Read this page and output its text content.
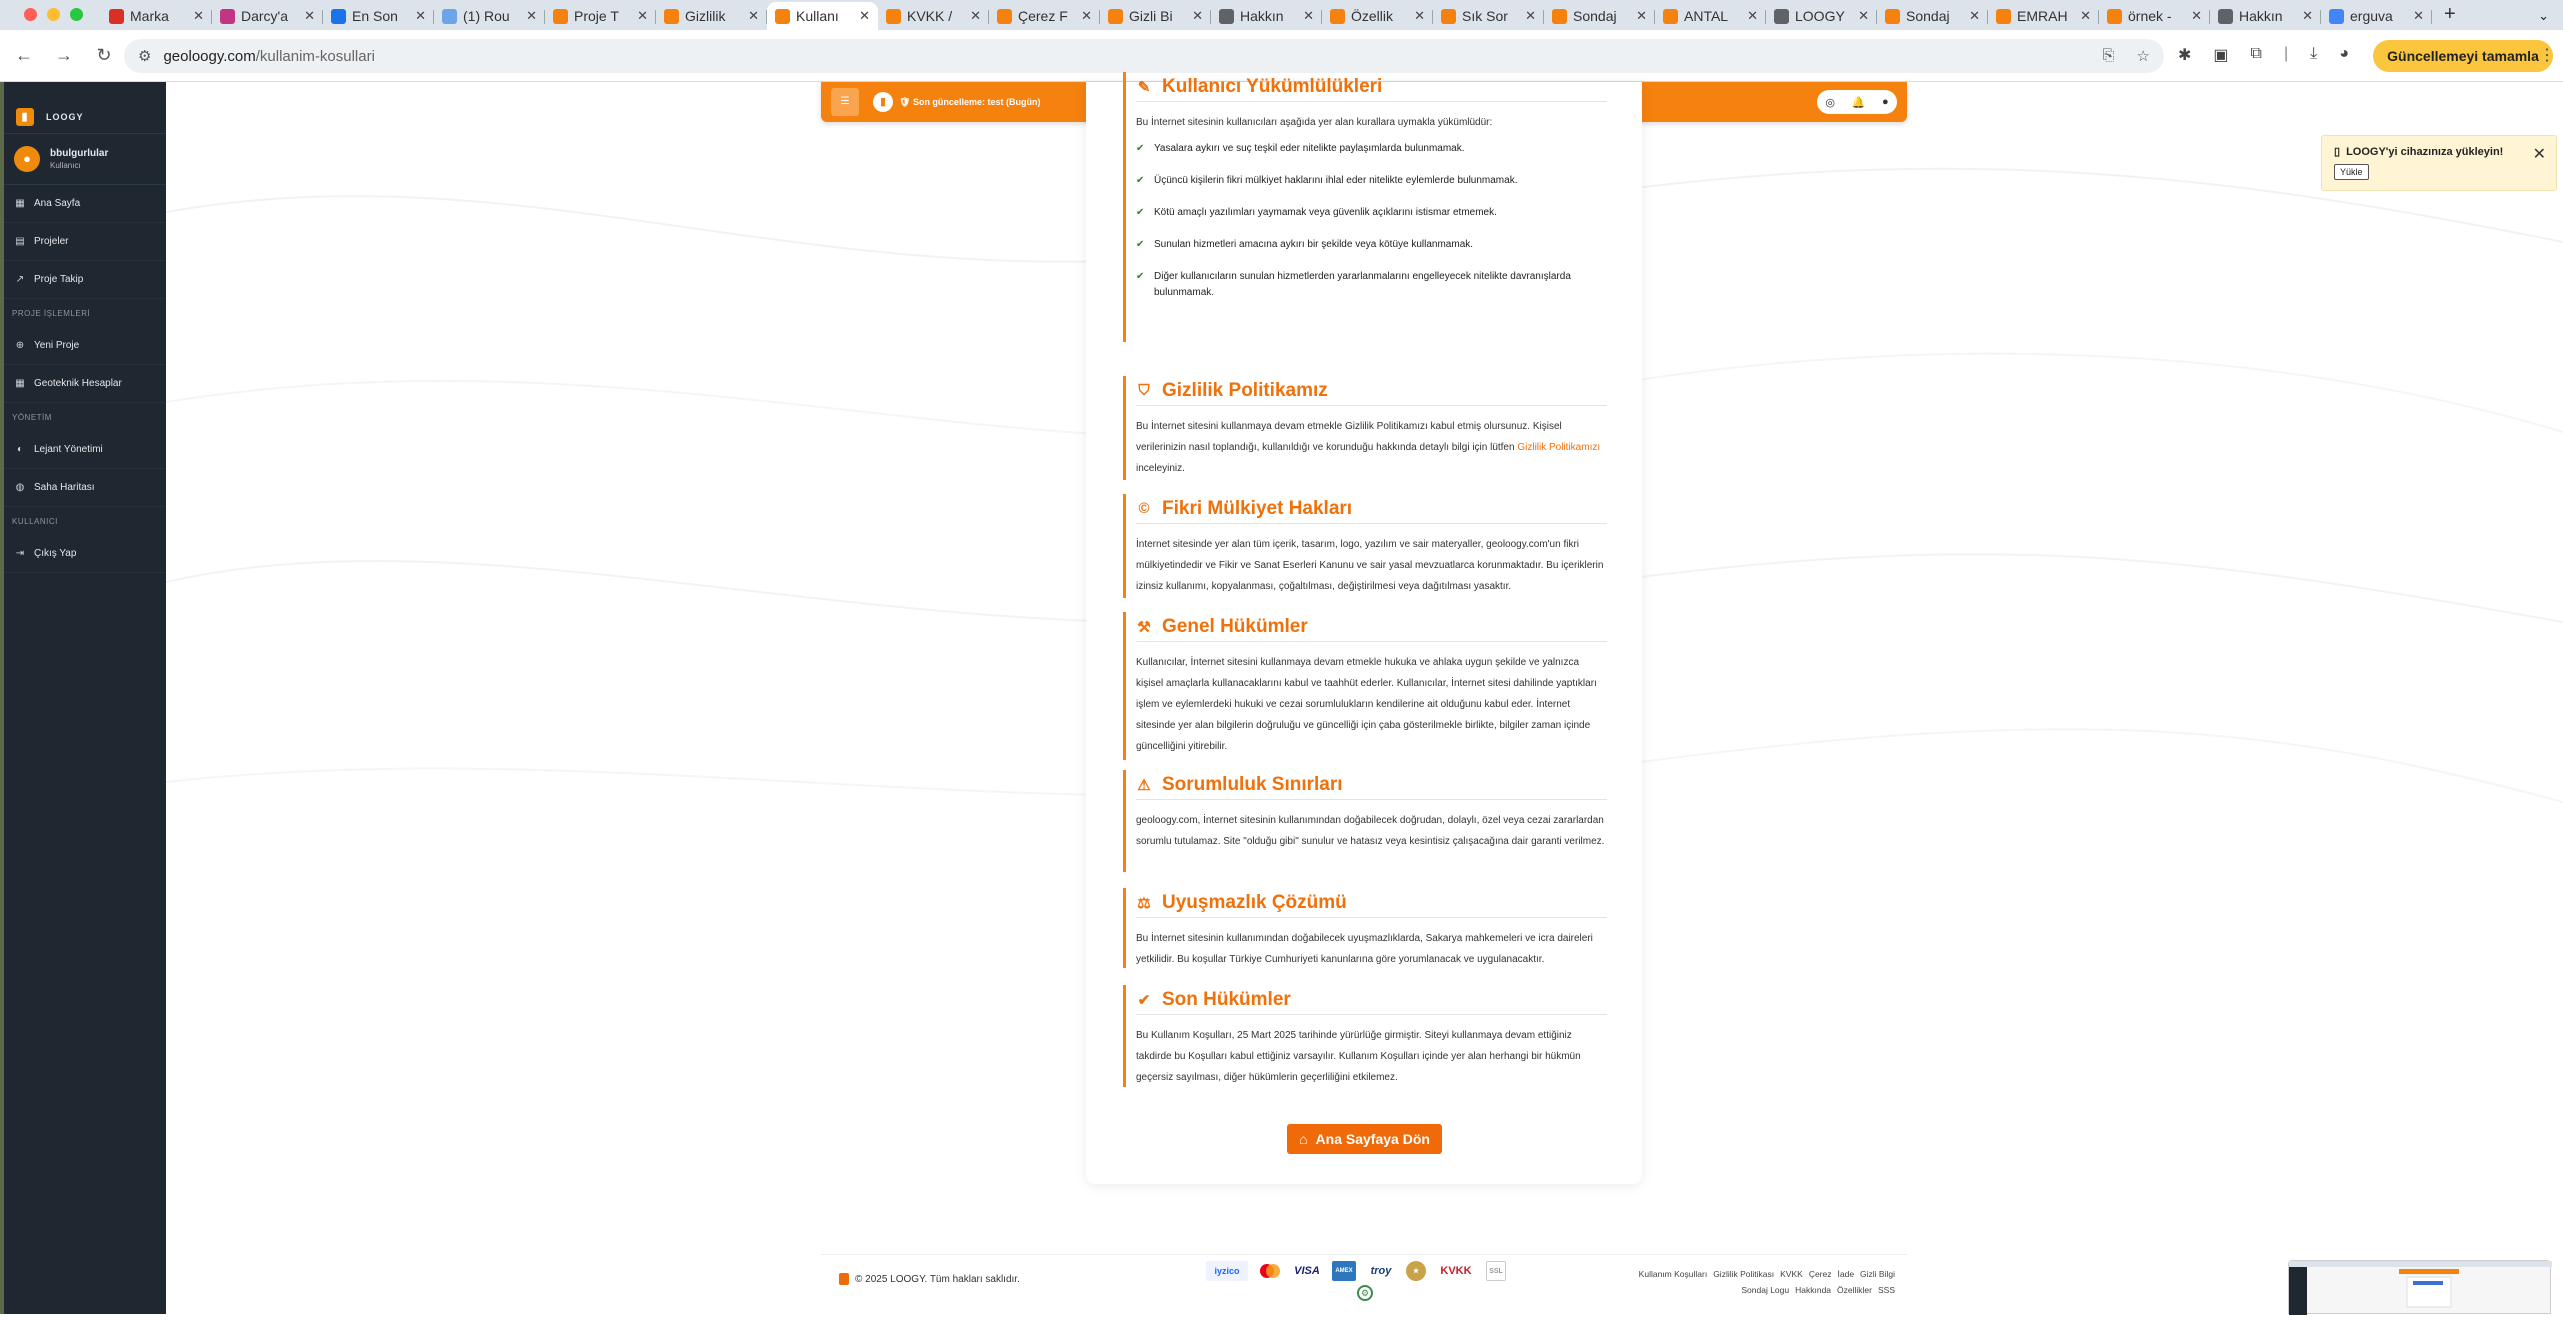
Marka	✕	Darcy'a	✕	En Son	✕	(1) Rou	✕	Proje T	✕	Gizlilik	✕	Kullanı	✕	KVKK /	✕	Çerez F	✕	Gizli Bi	✕	Hakkın	✕	Özellik	✕	Sık Sor	✕	Sondaj	✕	ANTAL	✕	LOOGY	✕	Sondaj	✕	EMRAH ✕	örnek -	✕	Hakkın	✕	erguva	✕	+	⌄
←	→	↻	⚙ geoloogy.com /kullanim-kosullari	⎘ ☆ ✱ ▣ ⧉ | ⤓ ◕	Güncellemeyi tamamla ⋮
▮	LOOGY
●	bbulgurlular
Kullanıcı
▦ Ana Sayfa
▤ Projeler
↗ Proje Takip
PROJE İŞLEMLERİ
⊕ Yeni Proje
▦ Geoteknik Hesaplar
YÖNETİM
◐ Lejant Yönetimi
◍ Saha Haritası
KULLANICI
⇥ Çıkış Yap
☰	▮	🛡 Son güncelleme: test (Bugün)	◎ 🔔 ●
✎ Kullanıcı Yükümlülükleri
Bu İnternet sitesinin kullanıcıları aşağıda yer alan kurallara uymakla yükümlüdür:
✔ Yasalara aykırı ve suç teşkil eder nitelikte paylaşımlarda bulunmamak.
✔ Üçüncü kişilerin fikri mülkiyet haklarını ihlal eder nitelikte eylemlerde bulunmamak.
✔ Kötü amaçlı yazılımları yaymamak veya güvenlik açıklarını istismar etmemek.
✔ Sunulan hizmetleri amacına aykırı bir şekilde veya kötüye kullanmamak.
✔ Diğer kullanıcıların sunulan hizmetlerden yararlanmalarını engelleyecek nitelikte davranışlarda bulunmamak.
⛉ Gizlilik Politikamız
Bu İnternet sitesini kullanmaya devam etmekle Gizlilik Politikamızı kabul etmiş olursunuz. Kişisel verilerinizin nasıl toplandığı, kullanıldığı ve korunduğu hakkında detaylı bilgi için lütfen Gizlilik Politikamızı inceleyiniz.
© Fikri Mülkiyet Hakları
İnternet sitesinde yer alan tüm içerik, tasarım, logo, yazılım ve sair materyaller, geoloogy.com'un fikri mülkiyetindedir ve Fikir ve Sanat Eserleri Kanunu ve sair yasal mevzuatlarca korunmaktadır. Bu içeriklerin izinsiz kullanımı, kopyalanması, çoğaltılması, değiştirilmesi veya dağıtılması yasaktır.
⚒ Genel Hükümler
Kullanıcılar, İnternet sitesini kullanmaya devam etmekle hukuka ve ahlaka uygun şekilde ve yalnızca kişisel amaçlarla kullanacaklarını kabul ve taahhüt ederler. Kullanıcılar, İnternet sitesi dahilinde yaptıkları işlem ve eylemlerdeki hukuki ve cezai sorumlulukların kendilerine ait olduğunu kabul eder. İnternet sitesinde yer alan bilgilerin doğruluğu ve güncelliği için çaba gösterilmekle birlikte, bilgiler zaman içinde güncelliğini yitirebilir.
⚠ Sorumluluk Sınırları
geoloogy.com, İnternet sitesinin kullanımından doğabilecek doğrudan, dolaylı, özel veya cezai zararlardan sorumlu tutulamaz. Site "olduğu gibi" sunulur ve hatasız veya kesintisiz çalışacağına dair garanti verilmez.
⚖ Uyuşmazlık Çözümü
Bu İnternet sitesinin kullanımından doğabilecek uyuşmazlıklarda, Sakarya mahkemeleri ve icra daireleri yetkilidir. Bu koşullar Türkiye Cumhuriyeti kanunlarına göre yorumlanacak ve uygulanacaktır.
✔ Son Hükümler
Bu Kullanım Koşulları, 25 Mart 2025 tarihinde yürürlüğe girmiştir. Siteyi kullanmaya devam ettiğiniz takdirde bu Koşulları kabul ettiğiniz varsayılır. Kullanım Koşulları içinde yer alan herhangi bir hükmün geçersiz sayılması, diğer hükümlerin geçerliliğini etkilemez.
⌂ Ana Sayfaya Dön
© 2025 LOOGY. Tüm hakları saklıdır.
iyzico	VISA	AMEX	troy	★	KVKK	SSL	Kullanım Koşulları Gizlilik Politikası KVKK Çerez İade Gizli Bilgi
Sondaj Logu Hakkında Özellikler SSS
⚙
▯ LOOGY'yi cihazınıza yükleyin!
Yükle
✕
